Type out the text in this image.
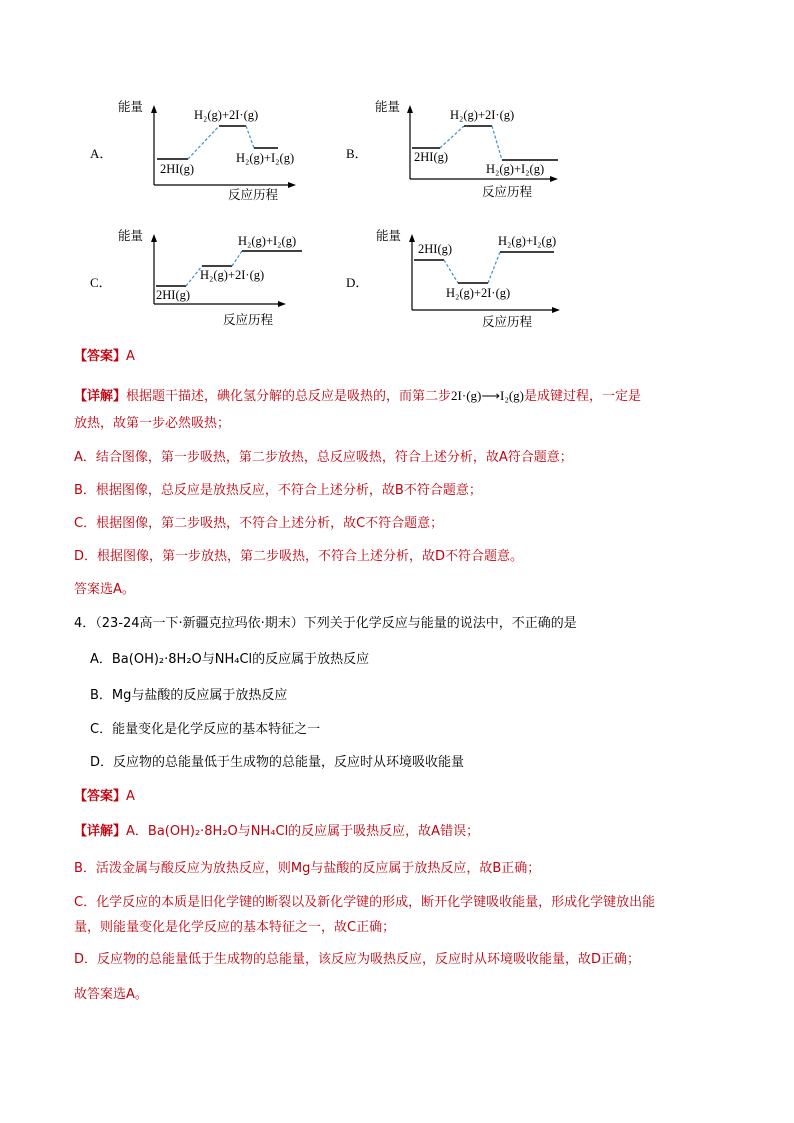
A．
能量
H₂(g)+2I·(g)
H₂(g)+I₂(g)
2HI(g)
反应历程
B．
能量
H₂(g)+2I·(g)
2HI(g)
H₂(g)+I₂(g)
反应历程
C．
能量	H₂(g)+I₂(g)
H₂(g)+2I·(g)
2HI(g)
反应历程
D．
能量
2HI(g)
H₂(g)+I₂(g)
H₂(g)+2I·(g)
反应历程
【答案】A
【详解】根据题干描述，碘化氢分解的总反应是吸热的，而第二步2I·(g)⟶I₂(g)是成键过程，一定是
放热，故第一步必然吸热；
A．结合图像，第一步吸热，第二步放热，总反应吸热，符合上述分析，故A符合题意；
B．根据图像，总反应是放热反应，不符合上述分析，故B不符合题意；
C．根据图像，第二步吸热，不符合上述分析，故C不符合题意；
D．根据图像，第一步放热，第二步吸热，不符合上述分析，故D不符合题意。
答案选A。
4．（23-24高一下·新疆克拉玛依·期末）下列关于化学反应与能量的说法中，不正确的是
A．Ba(OH)₂·8H₂O与NH₄Cl的反应属于放热反应
B．Mg与盐酸的反应属于放热反应
C．能量变化是化学反应的基本特征之一
D．反应物的总能量低于生成物的总能量，反应时从环境吸收能量
【答案】A
【详解】A．Ba(OH)₂·8H₂O与NH₄Cl的反应属于吸热反应，故A错误；
B．活泼金属与酸反应为放热反应，则Mg与盐酸的反应属于放热反应，故B正确；
C．化学反应的本质是旧化学键的断裂以及新化学键的形成，断开化学键吸收能量，形成化学键放出能
量，则能量变化是化学反应的基本特征之一，故C正确；
D．反应物的总能量低于生成物的总能量，该反应为吸热反应，反应时从环境吸收能量，故D正确；
故答案选A。
